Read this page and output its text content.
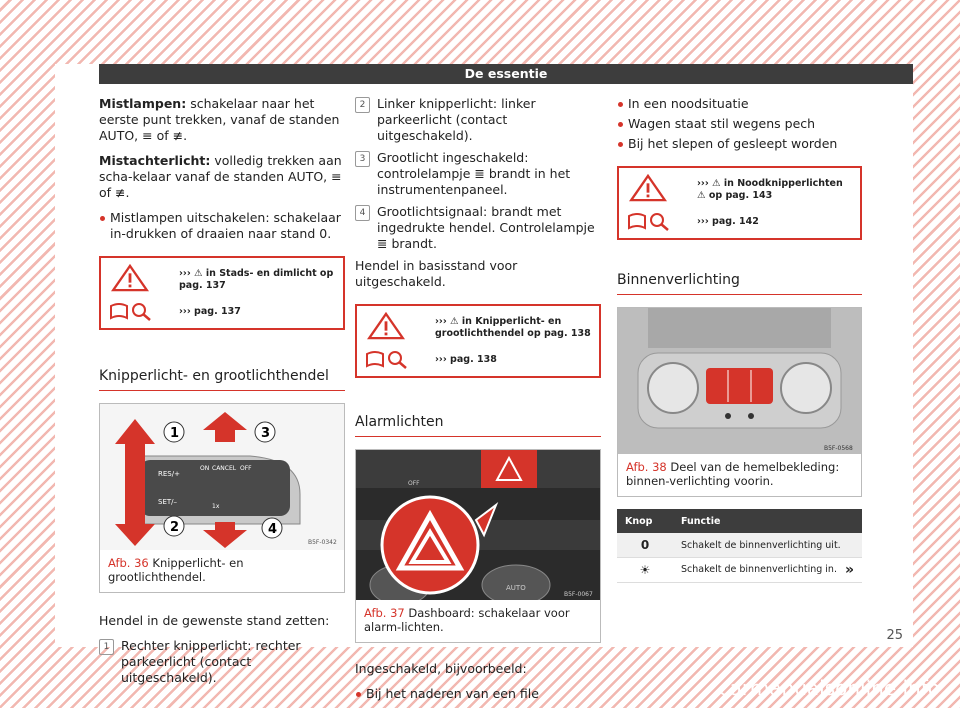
De essentie

Mistlampen: schakelaar naar het eerste punt trekken, vanaf de standen AUTO, ≡ of ≢.

Mistachterlicht: volledig trekken aan scha-kelaar vanaf de standen AUTO, ≡ of ≢.

Mistlampen uitschakelen: schakelaar in-drukken of draaien naar stand 0.
››› ⚠ in Stads- en dimlicht op pag. 137
››› pag. 137
Knipperlicht- en grootlichthendel
RES/+
SET/–
ON CANCEL OFF
1x
1
2
3
4
B5F-0342
Afb. 36 Knipperlicht- en grootlichthendel.

Hendel in de gewenste stand zetten:

1 Rechter knipperlicht: rechter parkeerlicht (contact uitgeschakeld).
2 Linker knipperlicht: linker parkeerlicht (contact uitgeschakeld).
3 Grootlicht ingeschakeld: controlelampje ≣ brandt in het instrumentenpaneel.
4 Grootlichtsignaal: brandt met ingedrukte hendel. Controlelampje ≣ brandt.

Hendel in basisstand voor uitgeschakeld.

››› ⚠ in Knipperlicht- en grootlichthendel op pag. 138
››› pag. 138
Alarmlichten
OFF
AUTO
B5F-0067
Afb. 37 Dashboard: schakelaar voor alarm-lichten.

Ingeschakeld, bijvoorbeeld:

Bij het naderen van een file
In een noodsituatie
Wagen staat stil wegens pech
Bij het slepen of gesleept worden
››› ⚠ in Noodknipperlichten ⚠ op pag. 143
››› pag. 142
Binnenverlichting
B5F-0568
Afb. 38 Deel van de hemelbekleding: binnen-verlichting voorin.
Knop	Functie
0	Schakelt de binnenverlichting uit.
☀	Schakelt de binnenverlichting in. »
25
carmanualsonline.info
